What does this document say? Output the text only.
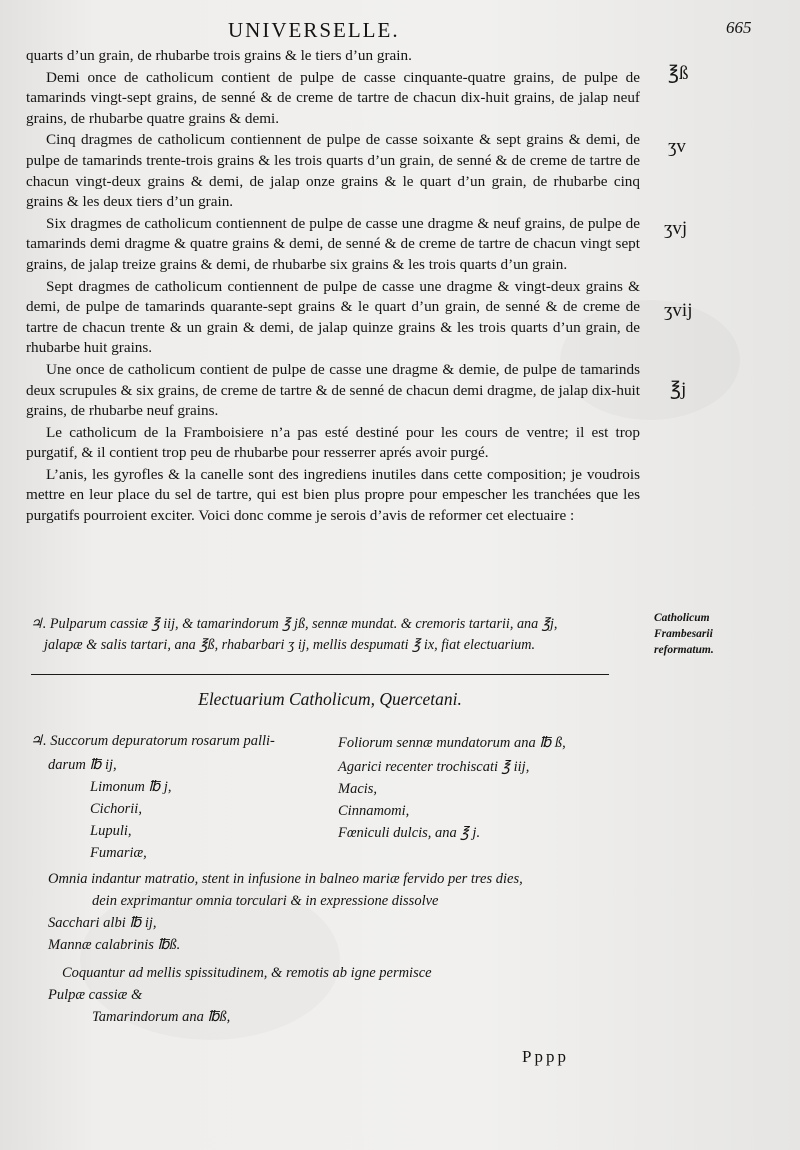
UNIVERSELLE.	665

quarts d’un grain, de rhubarbe trois grains & le tiers d’un grain.

Demi once de catholicum contient de pulpe de casse cinquante-quatre grains, de pulpe de tamarinds vingt-sept grains, de senné & de creme de tartre de chacun dix-huit grains, de jalap neuf grains, de rhubarbe quatre grains & demi.

Cinq dragmes de catholicum contiennent de pulpe de casse soixante & sept grains & demi, de pulpe de tamarinds trente-trois grains & les trois quarts d’un grain, de senné & de creme de tartre de chacun vingt-deux grains & demi, de jalap onze grains & le quart d’un grain, de rhubarbe cinq grains & les deux tiers d’un grain.

Six dragmes de catholicum contiennent de pulpe de casse une dragme & neuf grains, de pulpe de tamarinds demi dragme & quatre grains & demi, de senné & de creme de tartre de chacun vingt sept grains, de jalap treize grains & demi, de rhubarbe six grains & les trois quarts d’un grain.

Sept dragmes de catholicum contiennent de pulpe de casse une dragme & vingt-deux grains & demi, de pulpe de tamarinds quarante-sept grains & le quart d’un grain, de senné & de creme de tartre de chacun trente & un grain & demi, de jalap quinze grains & les trois quarts d’un grain, de rhubarbe huit grains.

Une once de catholicum contient de pulpe de casse une dragme & demie, de pulpe de tamarinds deux scrupules & six grains, de creme de tartre & de senné de chacun demi dragme, de jalap dix-huit grains, de rhubarbe neuf grains.

Le catholicum de la Framboisiere n’a pas esté destiné pour les cours de ventre; il est trop purgatif, & il contient trop peu de rhubarbe pour resserrer aprés avoir purgé.

L’anis, les gyrofles & la canelle sont des ingrediens inutiles dans cette composition; je voudrois mettre en leur place du sel de tartre, qui est bien plus propre pour empescher les tranchées que les purgatifs pourroient exciter. Voici donc comme je serois d’avis de reformer cet electuaire :

℥ß
ʒv
ʒvj
ʒvij
℥j
♃. Pulparum cassiæ ℥ iij, & tamarindorum ℥ jß, sennæ mundat. & cremoris tartarii, ana ℥j,
jalapæ & salis tartari, ana ℥ß, rhabarbari ʒ ij, mellis despumati ℥ ix, fiat electuarium.
Catholicum
Frambesarii
reformatum.
Electuarium Catholicum, Quercetani.
♃. Succorum depuratorum rosarum palli-
darum ℔ ij,
Limonum ℔ j,
Cichorii,
Lupuli,
Fumariæ,
Foliorum sennæ mundatorum ana ℔ ß,
Agarici recenter trochiscati ℥ iij,
Macis,
Cinnamomi,
Fœniculi dulcis, ana ℥ j.
Omnia indantur matratio, stent in infusione in balneo mariæ fervido per tres dies,
dein exprimantur omnia torculari & in expressione dissolve
Sacchari albi ℔ ij,
Mannæ calabrinis ℔ß.
Coquantur ad mellis spissitudinem, & remotis ab igne permisce
Pulpæ cassiæ &
Tamarindorum ana ℔ß,
Pppp
